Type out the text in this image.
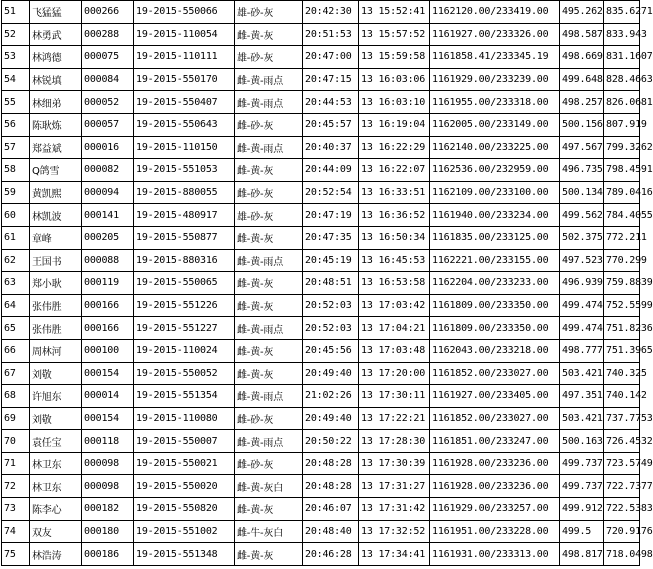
51	飞猛猛	000266	19-2015-550066	雄-砂-灰	20:42:30	13 15:52:41	1162120.00/233419.00	495.262	835.6271
52	林勇武	000288	19-2015-110054	雌-黄-灰	20:51:53	13 15:57:52	1161927.00/233326.00	498.587	833.943
53	林鸿德	000075	19-2015-110111	雄-砂-灰	20:47:00	13 15:59:58	1161858.41/233345.19	498.669	831.1607
54	林锐填	000084	19-2015-550170	雌-黄-雨点	20:47:15	13 16:03:06	1161929.00/233239.00	499.648	828.4663
55	林细弟	000052	19-2015-550407	雌-黄-雨点	20:44:53	13 16:03:10	1161955.00/233318.00	498.257	826.0681
56	陈耿炼	000057	19-2015-550643	雌-砂-灰	20:45:57	13 16:19:04	1162005.00/233149.00	500.156	807.919
57	郑益斌	000016	19-2015-110150	雌-黄-雨点	20:40:37	13 16:22:29	1162140.00/233225.00	497.567	799.3262
58	Q鸽雪	000082	19-2015-551053	雌-黄-灰	20:44:09	13 16:22:07	1162536.00/232959.00	496.735	798.4591
59	黄凯熙	000094	19-2015-880055	雌-砂-灰	20:52:54	13 16:33:51	1162109.00/233100.00	500.134	789.0416
60	林凯波	000141	19-2015-480917	雄-砂-灰	20:47:19	13 16:36:52	1161940.00/233234.00	499.562	784.4055
61	章峰	000205	19-2015-550877	雌-黄-灰	20:47:35	13 16:50:34	1161835.00/233125.00	502.375	772.211
62	王国书	000088	19-2015-880316	雌-黄-雨点	20:45:19	13 16:45:53	1162221.00/233155.00	497.523	770.299
63	郑小耿	000119	19-2015-550065	雌-黄-灰	20:48:51	13 16:53:58	1162204.00/233233.00	496.939	759.8839
64	张伟胜	000166	19-2015-551226	雌-黄-灰	20:52:03	13 17:03:42	1161809.00/233350.00	499.474	752.5599
65	张伟胜	000166	19-2015-551227	雌-黄-雨点	20:52:03	13 17:04:21	1161809.00/233350.00	499.474	751.8236
66	周林河	000100	19-2015-110024	雌-黄-灰	20:45:56	13 17:03:48	1162043.00/233218.00	498.777	751.3965
67	刘敬	000154	19-2015-550052	雌-黄-灰	20:49:40	13 17:20:00	1161852.00/233027.00	503.421	740.325
68	许旭东	000014	19-2015-551354	雌-黄-雨点	21:02:26	13 17:30:11	1161927.00/233405.00	497.351	740.142
69	刘敬	000154	19-2015-110080	雌-砂-灰	20:49:40	13 17:22:21	1161852.00/233027.00	503.421	737.7753
70	袁任宝	000118	19-2015-550007	雌-黄-雨点	20:50:22	13 17:28:30	1161851.00/233247.00	500.163	726.4532
71	林卫东	000098	19-2015-550021	雌-砂-灰	20:48:28	13 17:30:39	1161928.00/233236.00	499.737	723.5749
72	林卫东	000098	19-2015-550020	雌-黄-灰白	20:48:28	13 17:31:27	1161928.00/233236.00	499.737	722.7377
73	陈李心	000182	19-2015-550820	雌-黄-灰	20:46:07	13 17:31:42	1161929.00/233257.00	499.912	722.5383
74	双友	000180	19-2015-551002	雌-牛-灰白	20:48:40	13 17:32:52	1161951.00/233228.00	499.5	720.9176
75	林浩涛	000186	19-2015-551348	雌-黄-灰	20:46:28	13 17:34:41	1161931.00/233313.00	498.817	718.0498
